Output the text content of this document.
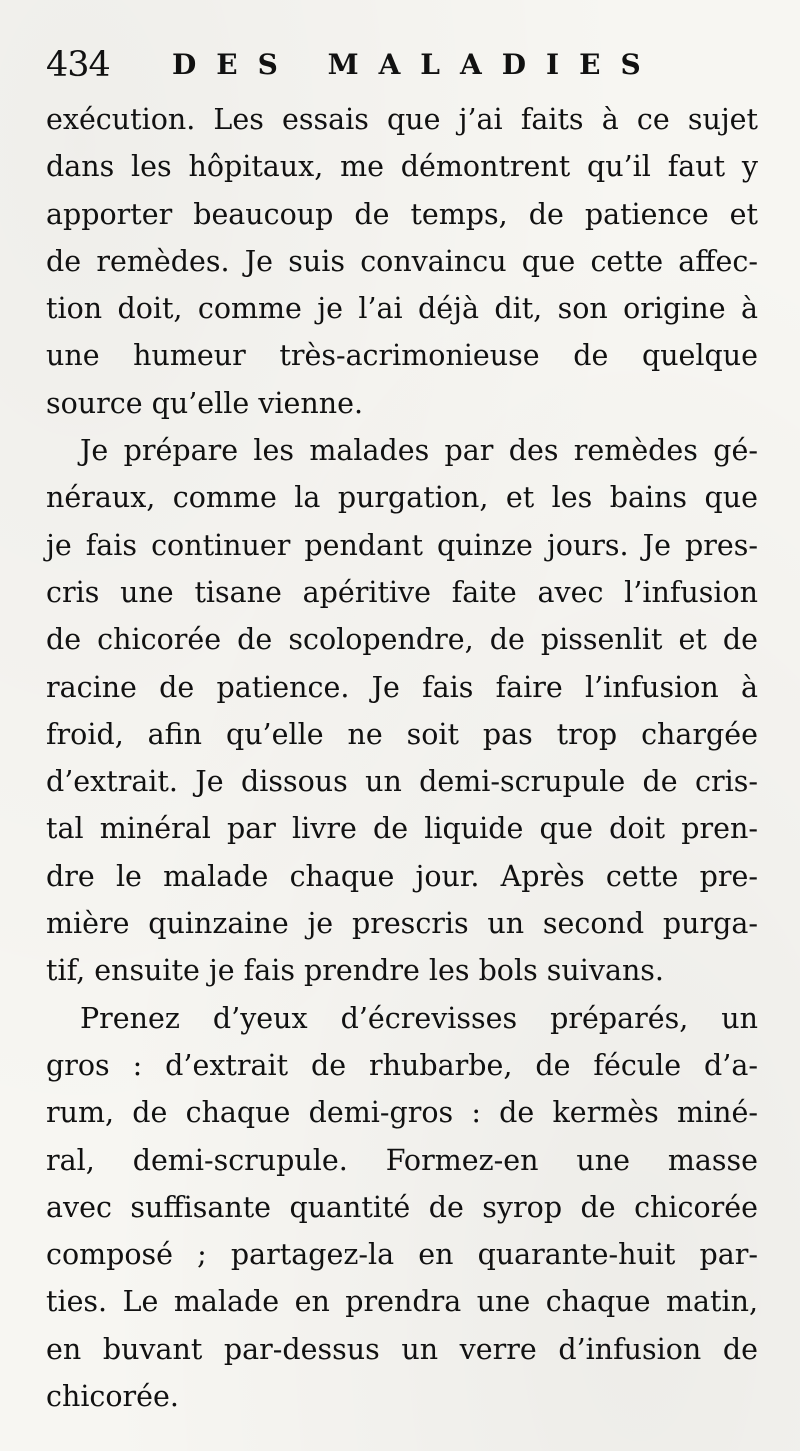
434 DES MALADIES
exécution. Les essais que j’ai faits à ce sujet
dans les hôpitaux, me démontrent qu’il faut y
apporter beaucoup de temps, de patience et
de remèdes. Je suis convaincu que cette affec-
tion doit, comme je l’ai déjà dit, son origine à
une humeur très-acrimonieuse de quelque
source qu’elle vienne.
Je prépare les malades par des remèdes gé-
néraux, comme la purgation, et les bains que
je fais continuer pendant quinze jours. Je pres-
cris une tisane apéritive faite avec l’infusion
de chicorée de scolopendre, de pissenlit et de
racine de patience. Je fais faire l’infusion à
froid, afin qu’elle ne soit pas trop chargée
d’extrait. Je dissous un demi-scrupule de cris-
tal minéral par livre de liquide que doit pren-
dre le malade chaque jour. Après cette pre-
mière quinzaine je prescris un second purga-
tif, ensuite je fais prendre les bols suivans.
Prenez d’yeux d’écrevisses préparés, un
gros : d’extrait de rhubarbe, de fécule d’a-
rum, de chaque demi-gros : de kermès miné-
ral, demi-scrupule. Formez-en une masse
avec suffisante quantité de syrop de chicorée
composé ; partagez-la en quarante-huit par-
ties. Le malade en prendra une chaque matin,
en buvant par-dessus un verre d’infusion de
chicorée.
